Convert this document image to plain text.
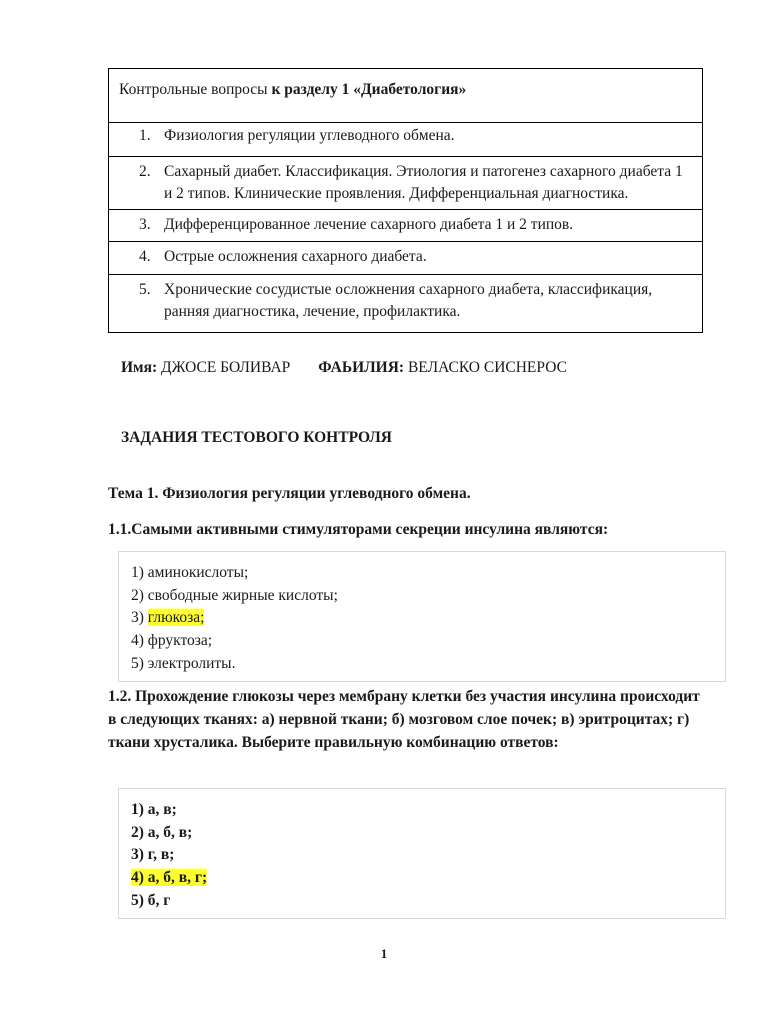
Контрольные вопросы к разделу 1 «Диабетология»

1. Физиология регуляции углеводного обмена.

2. Сахарный диабет. Классификация. Этиология и патогенез сахарного диабета 1 и 2 типов. Клинические проявления. Дифференциальная диагностика.

3. Дифференцированное лечение сахарного диабета 1 и 2 типов.

4. Острые осложнения сахарного диабета.

5. Хронические сосудистые осложнения сахарного диабета, классификация, ранняя диагностика, лечение, профилактика.
Имя: ДЖОСЕ БОЛИВАР ФАЬИЛИЯ: ВЕЛАСКО СИСНЕРОС
ЗАДАНИЯ ТЕСТОВОГО КОНТРОЛЯ
Тема 1. Физиология регуляции углеводного обмена.
1.1.Самыми активными стимуляторами секреции инсулина являются:
1) аминокислоты;
2) свободные жирные кислоты;
3) глюкоза;
4) фруктоза;
5) электролиты.
1.2. Прохождение глюкозы через мембрану клетки без участия инсулина происходит в следующих тканях: а) нервной ткани; б) мозговом слое почек; в) эритроцитах; г) ткани хрусталика. Выберите правильную комбинацию ответов:
1) а, в;
2) а, б, в;
3) г, в;
4) а, б, в, г;
5) б, г
1
